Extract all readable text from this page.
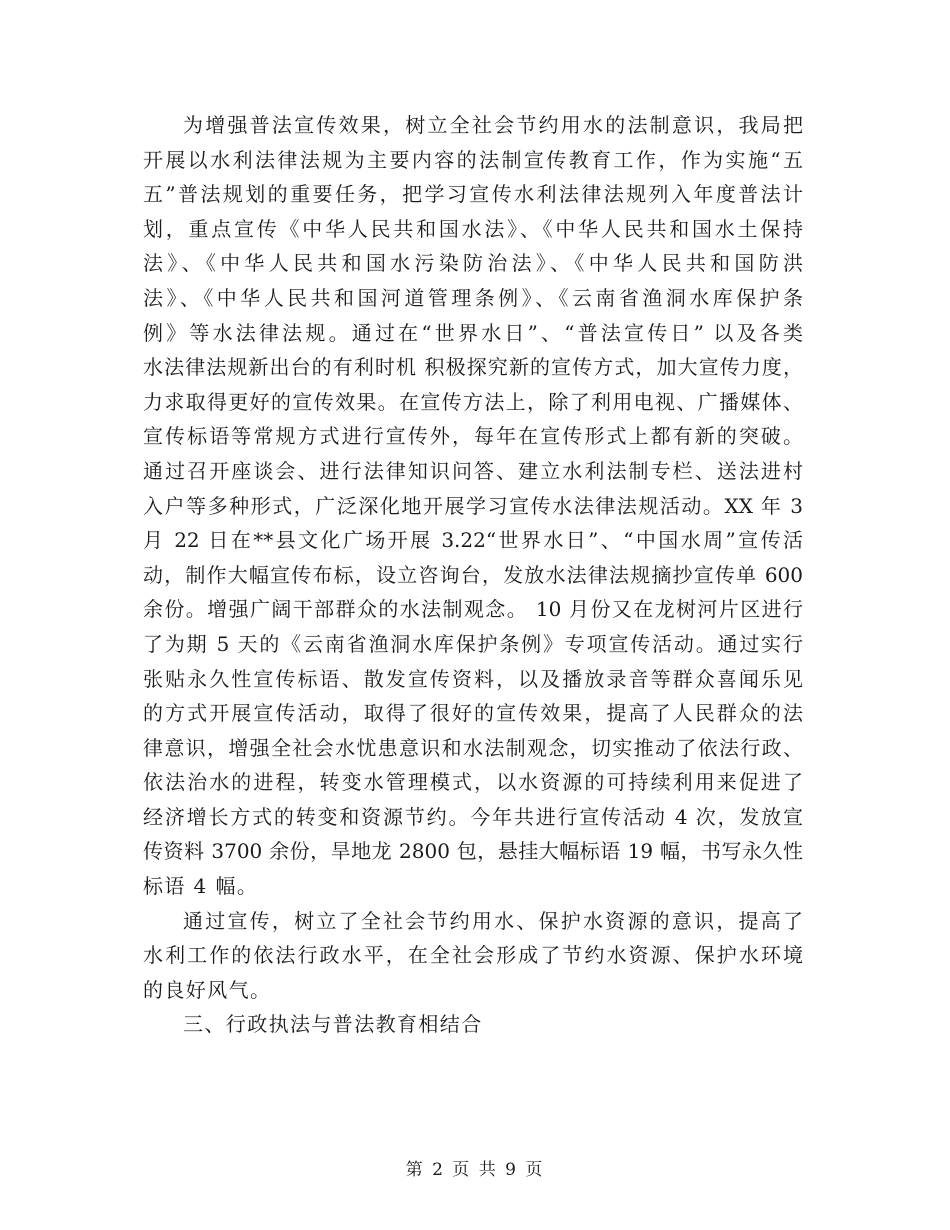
为增强普法宣传效果，树立全社会节约用水的法制意识，我局把
开展以水利法律法规为主要内容的法制宣传教育工作，作为实施“五
五”普法规划的重要任务，把学习宣传水利法律法规列入年度普法计
划，重点宣传《中华人民共和国水法》、《中华人民共和国水土保持
法》、《中华人民共和国水污染防治法》、《中华人民共和国防洪
法》、《中华人民共和国河道管理条例》、《云南省渔洞水库保护条
例》等水法律法规。通过在“世界水日”、“普法宣传日” 以及各类
水法律法规新出台的有利时机 积极探究新的宣传方式，加大宣传力度，
力求取得更好的宣传效果。在宣传方法上，除了利用电视、广播媒体、
宣传标语等常规方式进行宣传外，每年在宣传形式上都有新的突破。
通过召开座谈会、进行法律知识问答、建立水利法制专栏、送法进村
入户等多种形式，广泛深化地开展学习宣传水法律法规活动。XX 年 3
月 22 日在**县文化广场开展 3.22“世界水日”、“中国水周”宣传活
动，制作大幅宣传布标，设立咨询台，发放水法律法规摘抄宣传单 600
余份。增强广阔干部群众的水法制观念。 10 月份又在龙树河片区进行
了为期 5 天的《云南省渔洞水库保护条例》专项宣传活动。通过实行
张贴永久性宣传标语、散发宣传资料，以及播放录音等群众喜闻乐见
的方式开展宣传活动，取得了很好的宣传效果，提高了人民群众的法
律意识，增强全社会水忧患意识和水法制观念，切实推动了依法行政、
依法治水的进程，转变水管理模式，以水资源的可持续利用来促进了
经济增长方式的转变和资源节约。今年共进行宣传活动 4 次，发放宣
传资料 3700 余份，旱地龙 2800 包，悬挂大幅标语 19 幅，书写永久性
标语 4 幅。
通过宣传，树立了全社会节约用水、保护水资源的意识，提高了
水利工作的依法行政水平，在全社会形成了节约水资源、保护水环境
的良好风气。
三、行政执法与普法教育相结合
第 2 页 共 9 页
